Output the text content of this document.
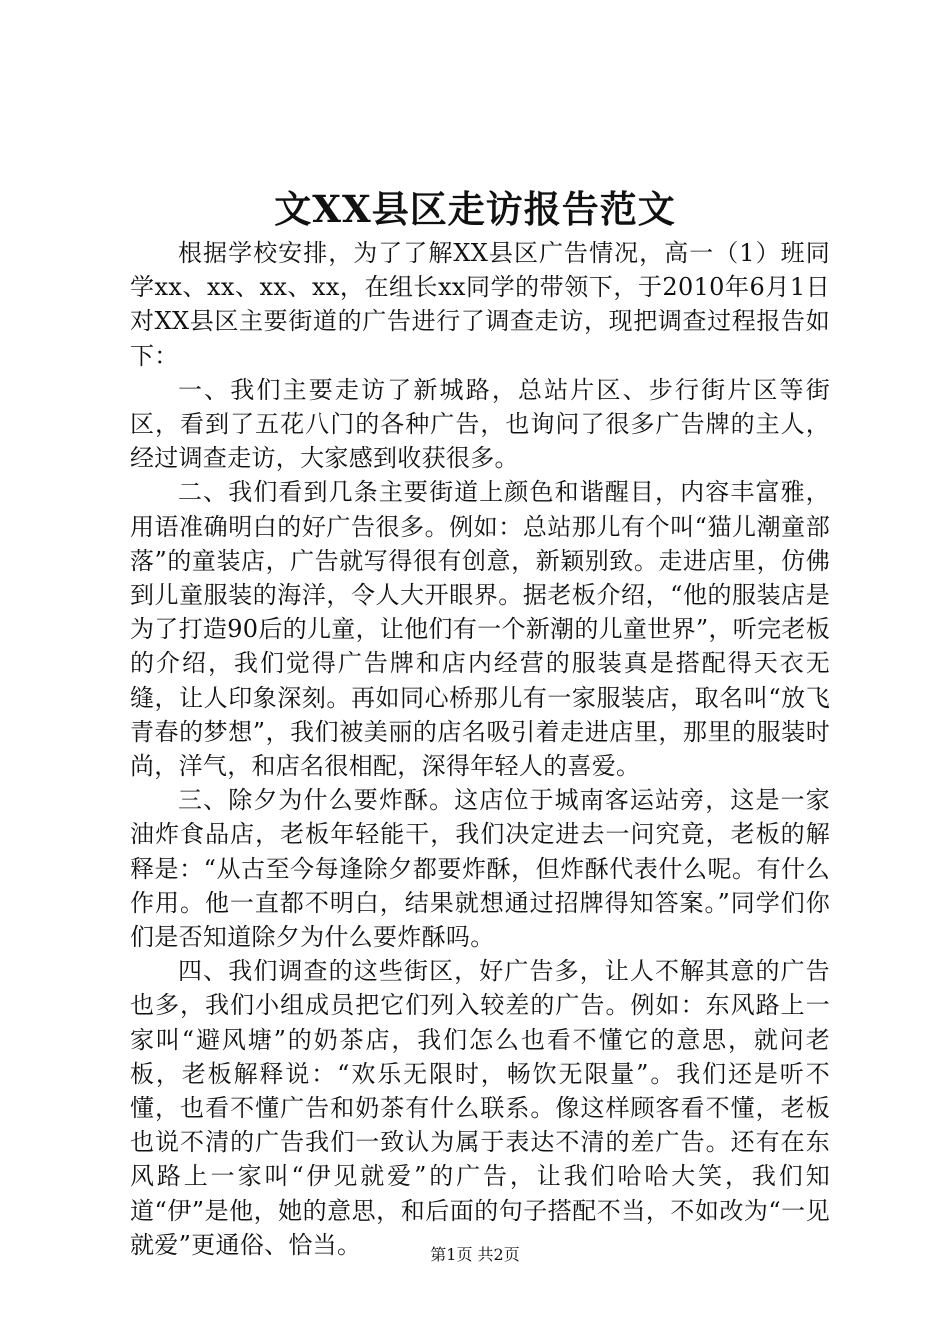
文XX县区走访报告范文

根据学校安排，为了了解XX县区广告情况，高一（1）班同学xx、xx、xx、xx，在组长xx同学的带领下，于2010年6月1日对XX县区主要街道的广告进行了调查走访，现把调查过程报告如下：

一、我们主要走访了新城路，总站片区、步行街片区等街区，看到了五花八门的各种广告，也询问了很多广告牌的主人，经过调查走访，大家感到收获很多。

二、我们看到几条主要街道上颜色和谐醒目，内容丰富雅，用语准确明白的好广告很多。例如：总站那儿有个叫“猫儿潮童部落”的童装店，广告就写得很有创意，新颖别致。走进店里，仿佛到儿童服装的海洋，令人大开眼界。据老板介绍，“他的服装店是为了打造90后的儿童，让他们有一个新潮的儿童世界”，听完老板的介绍，我们觉得广告牌和店内经营的服装真是搭配得天衣无缝，让人印象深刻。再如同心桥那儿有一家服装店，取名叫“放飞青春的梦想”，我们被美丽的店名吸引着走进店里，那里的服装时尚，洋气，和店名很相配，深得年轻人的喜爱。

三、除夕为什么要炸酥。这店位于城南客运站旁，这是一家油炸食品店，老板年轻能干，我们决定进去一问究竟，老板的解释是：“从古至今每逢除夕都要炸酥，但炸酥代表什么呢。有什么作用。他一直都不明白，结果就想通过招牌得知答案。”同学们你们是否知道除夕为什么要炸酥吗。

四、我们调查的这些街区，好广告多，让人不解其意的广告也多，我们小组成员把它们列入较差的广告。例如：东风路上一家叫“避风塘”的奶茶店，我们怎么也看不懂它的意思，就问老板，老板解释说：“欢乐无限时，畅饮无限量”。我们还是听不懂，也看不懂广告和奶茶有什么联系。像这样顾客看不懂，老板也说不清的广告我们一致认为属于表达不清的差广告。还有在东风路上一家叫“伊见就爱”的广告，让我们哈哈大笑，我们知道“伊”是他，她的意思，和后面的句子搭配不当，不如改为“一见就爱”更通俗、恰当。	第1页 共2页
